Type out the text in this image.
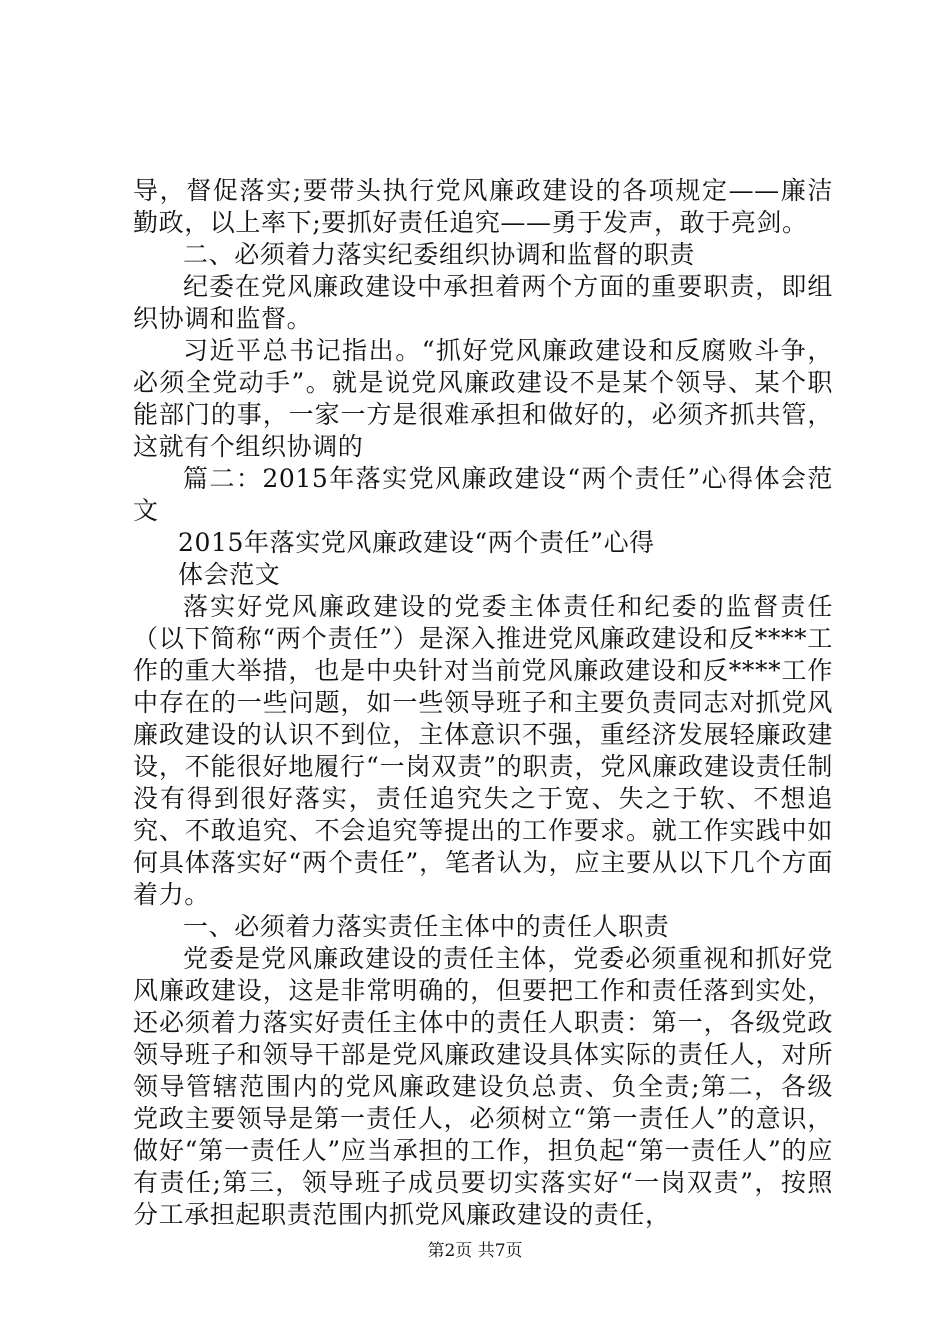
导，督促落实;要带头执行党风廉政建设的各项规定——廉洁勤政，以上率下;要抓好责任追究——勇于发声，敢于亮剑。

二、必须着力落实纪委组织协调和监督的职责

纪委在党风廉政建设中承担着两个方面的重要职责，即组织协调和监督。

习近平总书记指出。“抓好党风廉政建设和反腐败斗争，必须全党动手”。就是说党风廉政建设不是某个领导、某个职能部门的事，一家一方是很难承担和做好的，必须齐抓共管，这就有个组织协调的

篇二：2015年落实党风廉政建设“两个责任”心得体会范文

2015年落实党风廉政建设“两个责任”心得

体会范文

落实好党风廉政建设的党委主体责任和纪委的监督责任（以下简称“两个责任”）是深入推进党风廉政建设和反****工作的重大举措，也是中央针对当前党风廉政建设和反****工作中存在的一些问题，如一些领导班子和主要负责同志对抓党风廉政建设的认识不到位，主体意识不强，重经济发展轻廉政建设，不能很好地履行“一岗双责”的职责，党风廉政建设责任制没有得到很好落实，责任追究失之于宽、失之于软、不想追究、不敢追究、不会追究等提出的工作要求。就工作实践中如何具体落实好“两个责任”，笔者认为，应主要从以下几个方面着力。

一、必须着力落实责任主体中的责任人职责

党委是党风廉政建设的责任主体，党委必须重视和抓好党风廉政建设，这是非常明确的，但要把工作和责任落到实处，还必须着力落实好责任主体中的责任人职责：第一，各级党政领导班子和领导干部是党风廉政建设具体实际的责任人，对所领导管辖范围内的党风廉政建设负总责、负全责;第二，各级党政主要领导是第一责任人，必须树立“第一责任人”的意识，做好“第一责任人”应当承担的工作，担负起“第一责任人”的应有责任;第三，领导班子成员要切实落实好“一岗双责”，按照分工承担起职责范围内抓党风廉政建设的责任，

第2页 共7页
